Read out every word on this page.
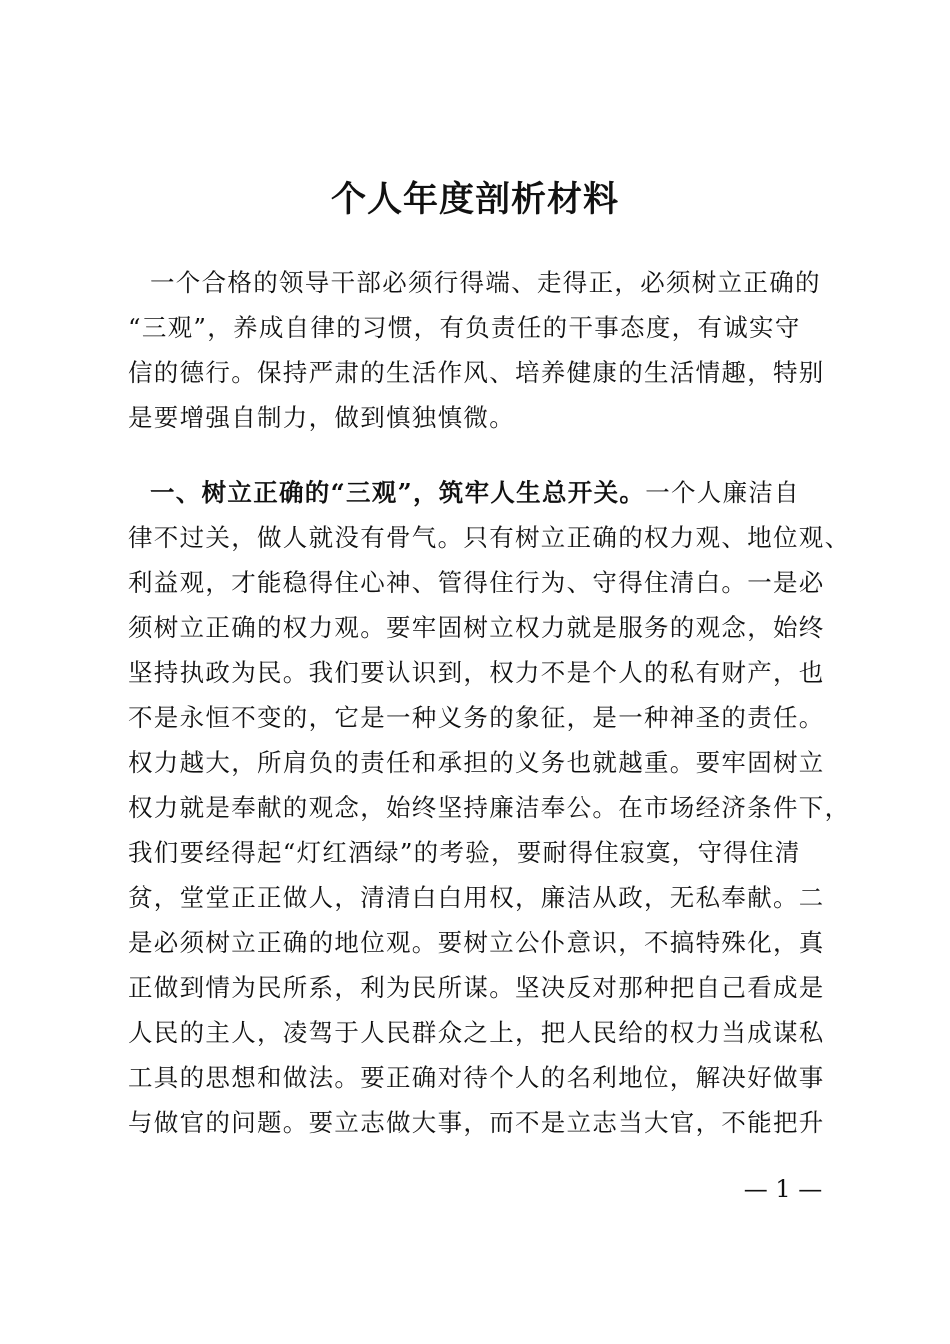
个人年度剖析材料
一个合格的领导干部必须行得端、走得正，必须树立正确的
“三观”，养成自律的习惯，有负责任的干事态度，有诚实守
信的德行。保持严肃的生活作风、培养健康的生活情趣，特别
是要增强自制力，做到慎独慎微。
一、树立正确的“三观”，筑牢人生总开关。一个人廉洁自
律不过关，做人就没有骨气。只有树立正确的权力观、地位观、
利益观，才能稳得住心神、管得住行为、守得住清白。一是必
须树立正确的权力观。要牢固树立权力就是服务的观念，始终
坚持执政为民。我们要认识到，权力不是个人的私有财产，也
不是永恒不变的，它是一种义务的象征，是一种神圣的责任。
权力越大，所肩负的责任和承担的义务也就越重。要牢固树立
权力就是奉献的观念，始终坚持廉洁奉公。在市场经济条件下，
我们要经得起“灯红酒绿”的考验，要耐得住寂寞，守得住清
贫，堂堂正正做人，清清白白用权，廉洁从政，无私奉献。二
是必须树立正确的地位观。要树立公仆意识，不搞特殊化，真
正做到情为民所系，利为民所谋。坚决反对那种把自己看成是
人民的主人，凌驾于人民群众之上，把人民给的权力当成谋私
工具的思想和做法。要正确对待个人的名利地位，解决好做事
与做官的问题。要立志做大事，而不是立志当大官，不能把升
— 1 —
